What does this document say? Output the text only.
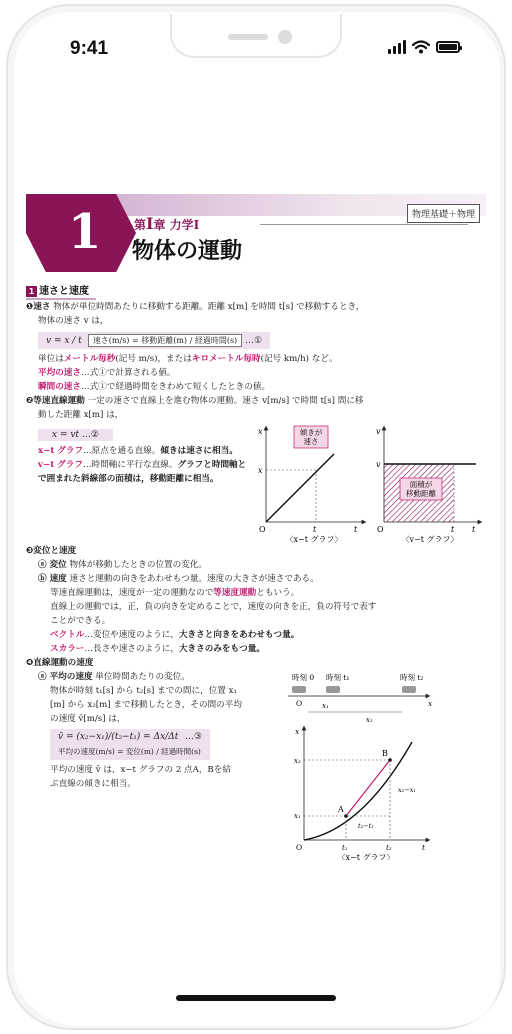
9:41
1	第Ⅰ章 力学Ⅰ
物理基礎＋物理
物体の運動
1 速さと速度
❶速さ 物体が単位時間あたりに移動する距離。距離 x[m] を時間 t[s] で移動するとき，
物体の速さ v は，
v = x / t 速さ(m/s) = 移動距離(m) / 経過時間(s) …①
単位はメートル毎秒(記号 m/s)，またはキロメートル毎時(記号 km/h) など。
平均の速さ…式①で計算される値。
瞬間の速さ…式①で経過時間をきわめて短くしたときの値。
❷等速直線運動 一定の速さで直線上を進む物体の運動。速さ v[m/s] で時間 t[s] 間に移
動した距離 x[m] は，
x = vt …②
x−t グラフ…原点を通る直線。傾きは速さに相当。
v−t グラフ…時間軸に平行な直線。グラフと時間軸とで囲まれた斜線部の面積は，移動距離に相当。
x
x
O	t	t
傾きが
速さ
〈x−t グラフ〉
v
v
O	t t
面積が
移動距離
〈v−t グラフ〉
❸変位と速度
ⓐ 変位 物体が移動したときの位置の変化。
ⓑ 速度 速さと運動の向きをあわせもつ量。速度の大きさが速さである。
等速直線運動は，速度が一定の運動なので等速度運動ともいう。
直線上の運動では，正，負の向きを定めることで，速度の向きを正，負の符号で表す
ことができる。
ベクトル…変位や速度のように，大きさと向きをあわせもつ量。
スカラー…長さや速さのように，大きさのみをもつ量。
❹直線運動の速度
ⓐ 平均の速度 単位時間あたりの変位。
物体が時刻 t₁[s] から t₂[s] までの間に，位置 x₁
[m] から x₂[m] まで移動したとき，その間の平均
の速度 v̄[m/s] は，
v̄ = (x₂−x₁)/(t₂−t₁) = Δx/Δt …③
平均の速度(m/s) = 変位(m) / 経過時間(s)
平均の速度 v̄ は，x−t グラフの 2 点A，Bを結
ぶ直線の傾きに相当。
時刻 0 時刻 t₁	時刻 t₂
O	x
x₁
x₂
x
x₂
x₁
O	t₁	t₂	t
A
B
x₂−x₁
t₂−t₁
〈x−t グラフ〉
